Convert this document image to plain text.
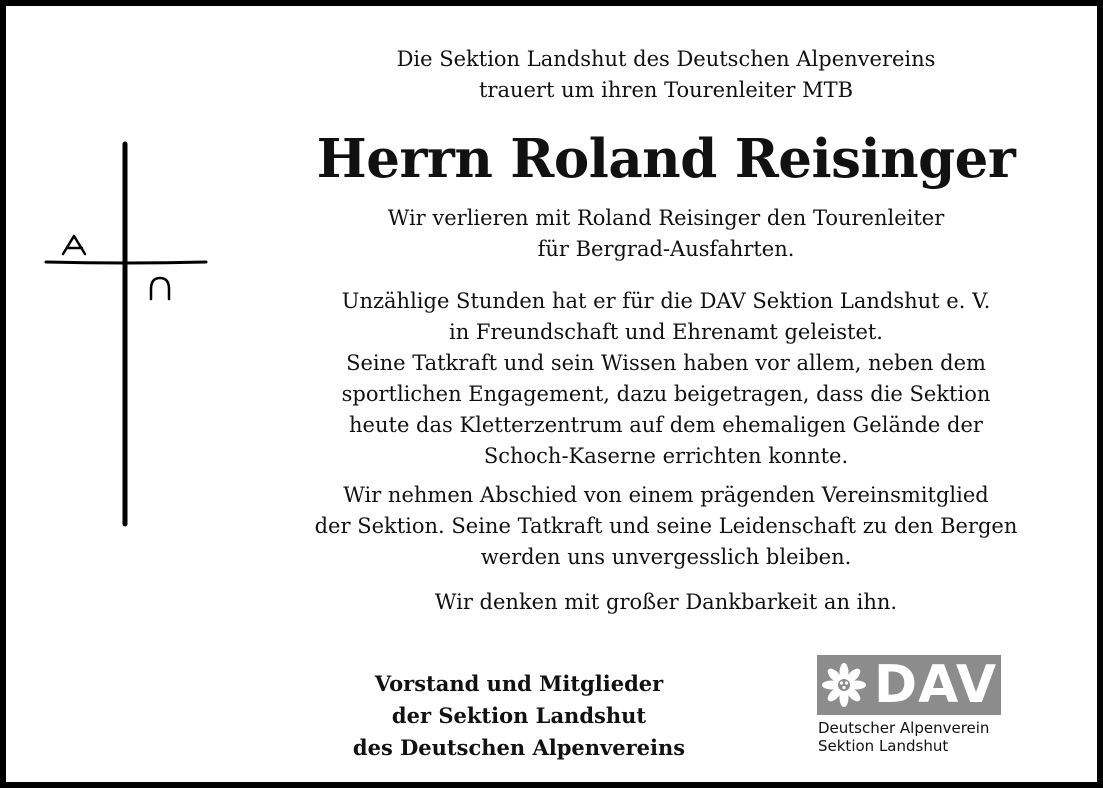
Die Sektion Landshut des Deutschen Alpenvereins
trauert um ihren Tourenleiter MTB
Herrn Roland Reisinger
Wir verlieren mit Roland Reisinger den Tourenleiter
für Bergrad-Ausfahrten.
Unzählige Stunden hat er für die DAV Sektion Landshut e. V.
in Freundschaft und Ehrenamt geleistet.
Seine Tatkraft und sein Wissen haben vor allem, neben dem
sportlichen Engagement, dazu beigetragen, dass die Sektion
heute das Kletterzentrum auf dem ehemaligen Gelände der
Schoch-Kaserne errichten konnte.
Wir nehmen Abschied von einem prägenden Vereinsmitglied
der Sektion. Seine Tatkraft und seine Leidenschaft zu den Bergen
werden uns unvergesslich bleiben.
Wir denken mit großer Dankbarkeit an ihn.
Vorstand und Mitglieder
der Sektion Landshut
des Deutschen Alpenvereins
DAV
Deutscher Alpenverein
Sektion Landshut
